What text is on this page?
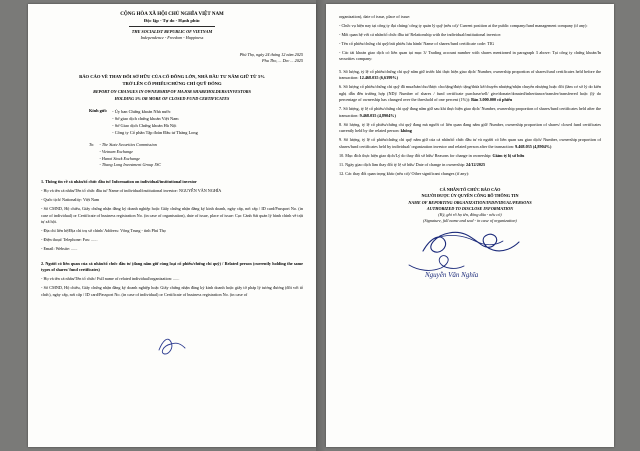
CỘNG HÒA XÃ HỘI CHỦ NGHĨA VIỆT NAM
Độc lập - Tự do - Hạnh phúc
THE SOCIALIST REPUBLIC OF VIETNAM
Independence - Freedom - Happiness
Phú Thọ, ngày 24 tháng 12 năm 2025
Phu Tho, ... Dec ... 2025
BÁO CÁO VỀ THAY ĐỔI SỞ HỮU CỦA CỔ ĐÔNG LỚN, NHÀ ĐẦU TƯ NẮM GIỮ TỪ 5%
TRỞ LÊN CỔ PHIẾU/CHỨNG CHỈ QUỸ ĐÓNG
REPORT ON CHANGES IN OWNERSHIP OF MAJOR SHAREHOLDERS/INVESTORS
HOLDING 5% OR MORE OF CLOSED FUND CERTIFICATES
Kính gửi:	- Ủy ban Chứng khoán Nhà nước
- Sở giao dịch chứng khoán Việt Nam
- Sở Giao dịch Chứng khoán Hà Nội
- Công ty Cổ phần Tập đoàn Đầu tư Thăng Long
To:	- The State Securities Commission
- Vietnam Exchange
- Hanoi Stock Exchange
- Thang Long Investment Group JSC
1. Thông tin về cá nhân/tổ chức đầu tư/ Information on individual/institutional investor
- Họ và tên cá nhân/Tên tổ chức đầu tư/ Name of individual/institutional investor: NGUYỄN VĂN NGHĨA
- Quốc tịch/ Nationality: Việt Nam
- Số CMND, Hộ chiếu, Giấy chứng nhận đăng ký doanh nghiệp hoặc Giấy chứng nhận đăng ký kinh doanh, ngày cấp, nơi cấp / ID card/Passport No. (in case of individual) or Certificate of business registration No. (in case of organisation), date of issue, place of issue: Cục Cảnh Sát quản lý hành chính về trật tự xã hội.
- Địa chỉ liên hệ/Địa chỉ trụ sở chính/ Address: Vông Trung - tỉnh Phú Thọ
- Điện thoại/ Telephone: Fax: ......
- Email: Website: ......
2. Người có liên quan của cá nhân/tổ chức đầu tư (đang nắm giữ cùng loại cổ phiếu/chứng chỉ quỹ) / Related person (currently holding the same types of shares/ fund certificates)
- Họ và tên cá nhân/Tên tổ chức/ Full name of related individual/organization: ......
- Số CMND, Hộ chiếu, Giấy chứng nhận đăng ký doanh nghiệp hoặc Giấy chứng nhận đăng ký kinh doanh hoặc giấy tờ pháp lý tương đương (đối với tổ chức), ngày cấp, nơi cấp / ID card/Passport No. (in case of individual) or Certificate of business registration No. (in case of
organization), date of issue, place of issue:
- Chức vụ hiện nay tại công ty đại chúng/ công ty quản lý quỹ (nếu có)/ Current position at the public company/fund management company (if any):
- Mối quan hệ với cá nhân/tổ chức đầu tư/ Relationship with the individual/institutional investor:
- Tên cổ phiếu/chứng chỉ quỹ/trái phiếu lưu hành/ Name of shares/fund certificate code: TIG
- Các tài khoản giao dịch có liên quan tại mục 3/ Trading account number with shares mentioned in paragraph 3 above: Tại công ty chứng khoán/In securities company:
5. Số lượng, tỷ lệ cổ phiếu/chứng chỉ quỹ nắm giữ trước khi thực hiện giao dịch/ Number, ownership proportion of shares/fund certificates held before the transaction: 12.468.035 (6,6399%)
6. Số lượng cổ phiếu/chứng chỉ quỹ đã mua/bán/cho/được cho/tặng/được tặng/thừa kế/chuyển nhượng/nhận chuyển nhượng hoặc đối (làm cơ sở lý do kiến nghị dẫn đến trường hợp (ND)/ Number of shares / fund certificate purchase/sell/ give/donate/donated/inheritance/transfer/transferred hoặc (lý do percentage of ownership has changed over the threshold of one percent (1%)): Bán 3.000.000 cổ phiếu
7. Số lượng, tỷ lệ cổ phiếu/chứng chỉ quỹ đang nắm giữ sau khi thực hiện giao dịch/ Number, ownership proportion of shares/fund certificates held after the transaction: 9.468.035 (4,8904%)
8. Số lượng, tỷ lệ cổ phiếu/chứng chỉ quỹ đang mà người có liên quan đang nắm giữ/ Number, ownership proportion of shares/ closed fund certificates currently held by the related person: không
9. Số lượng, tỷ lệ cổ phiếu/chứng chỉ quỹ nắm giữ của cá nhân/tổ chức đầu tư và người có liên quan sau giao dịch/ Number, ownership proportion of shares/fund certificates held by individual/ organization investor and related person after the transaction: 9.468.035 (4,8904%)
10. Mục đích thực hiện giao dịch/Lý do thay đổi sở hữu/ Reasons for change in ownership: Giảm tỷ lệ sở hữu
11. Ngày giao dịch làm thay đổi tỷ lệ sở hữu/ Date of change in ownership: 24/12/2025
12. Các thay đổi quan trọng khác (nếu có)/ Other significant changes (if any):
CÁ NHÂN/TỔ CHỨC BÁO CÁO
NGƯỜI ĐƯỢC ỦY QUYỀN CÔNG BỐ THÔNG TIN
NAME OF REPORTING ORGANIZATION/INDIVIDUAL/PERSONS
AUTHORIZED TO DISCLOSE INFORMATION
(Ký, ghi rõ họ tên, đóng dấu - nếu có)
(Signature, full name and seal - in case of organization)
Nguyễn Văn Nghĩa
